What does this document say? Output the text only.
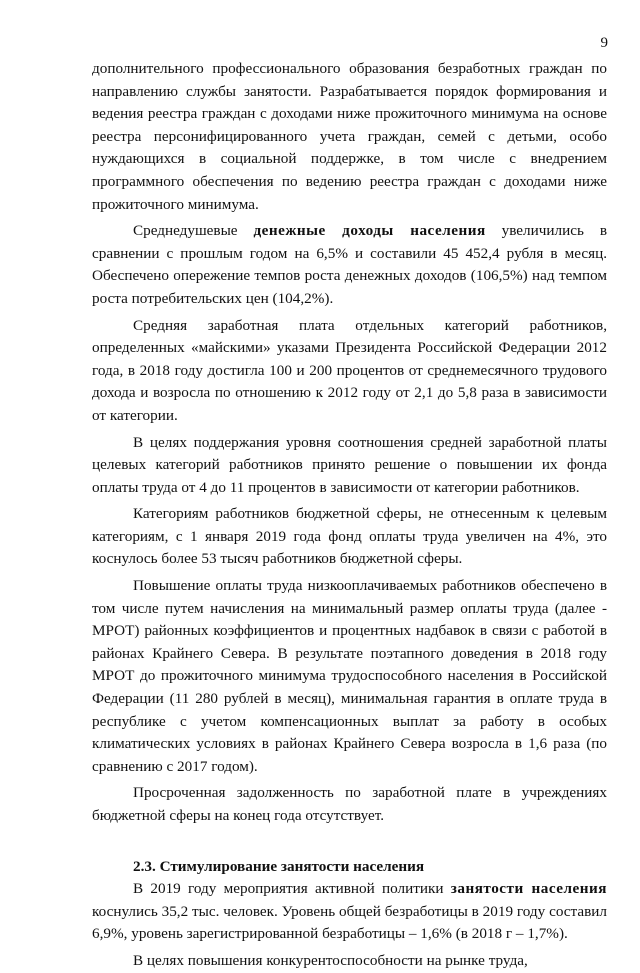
9

дополнительного профессионального образования безработных граждан по направлению службы занятости. Разрабатывается порядок формирования и ведения реестра граждан с доходами ниже прожиточного минимума на основе реестра персонифицированного учета граждан, семей с детьми, особо нуждающихся в социальной поддержке, в том числе с внедрением программного обеспечения по ведению реестра граждан с доходами ниже прожиточного минимума.

Среднедушевые денежные доходы населения увеличились в сравнении с прошлым годом на 6,5% и составили 45 452,4 рубля в месяц. Обеспечено опережение темпов роста денежных доходов (106,5%) над темпом роста потребительских цен (104,2%).

Средняя заработная плата отдельных категорий работников, определенных «майскими» указами Президента Российской Федерации 2012 года, в 2018 году достигла 100 и 200 процентов от среднемесячного трудового дохода и возросла по отношению к 2012 году от 2,1 до 5,8 раза в зависимости от категории.

В целях поддержания уровня соотношения средней заработной платы целевых категорий работников принято решение о повышении их фонда оплаты труда от 4 до 11 процентов в зависимости от категории работников.

Категориям работников бюджетной сферы, не отнесенным к целевым категориям, с 1 января 2019 года фонд оплаты труда увеличен на 4%, это коснулось более 53 тысяч работников бюджетной сферы.

Повышение оплаты труда низкооплачиваемых работников обеспечено в том числе путем начисления на минимальный размер оплаты труда (далее - МРОТ) районных коэффициентов и процентных надбавок в связи с работой в районах Крайнего Севера. В результате поэтапного доведения в 2018 году МРОТ до прожиточного минимума трудоспособного населения в Российской Федерации (11 280 рублей в месяц), минимальная гарантия в оплате труда в республике с учетом компенсационных выплат за работу в особых климатических условиях в районах Крайнего Севера возросла в 1,6 раза (по сравнению с 2017 годом).

Просроченная задолженность по заработной плате в учреждениях бюджетной сферы на конец года отсутствует.

2.3. Стимулирование занятости населения

В 2019 году мероприятия активной политики занятости населения коснулись 35,2 тыс. человек. Уровень общей безработицы в 2019 году составил 6,9%, уровень зарегистрированной безработицы – 1,6% (в 2018 г – 1,7%).

В целях повышения конкурентоспособности на рынке труда,
